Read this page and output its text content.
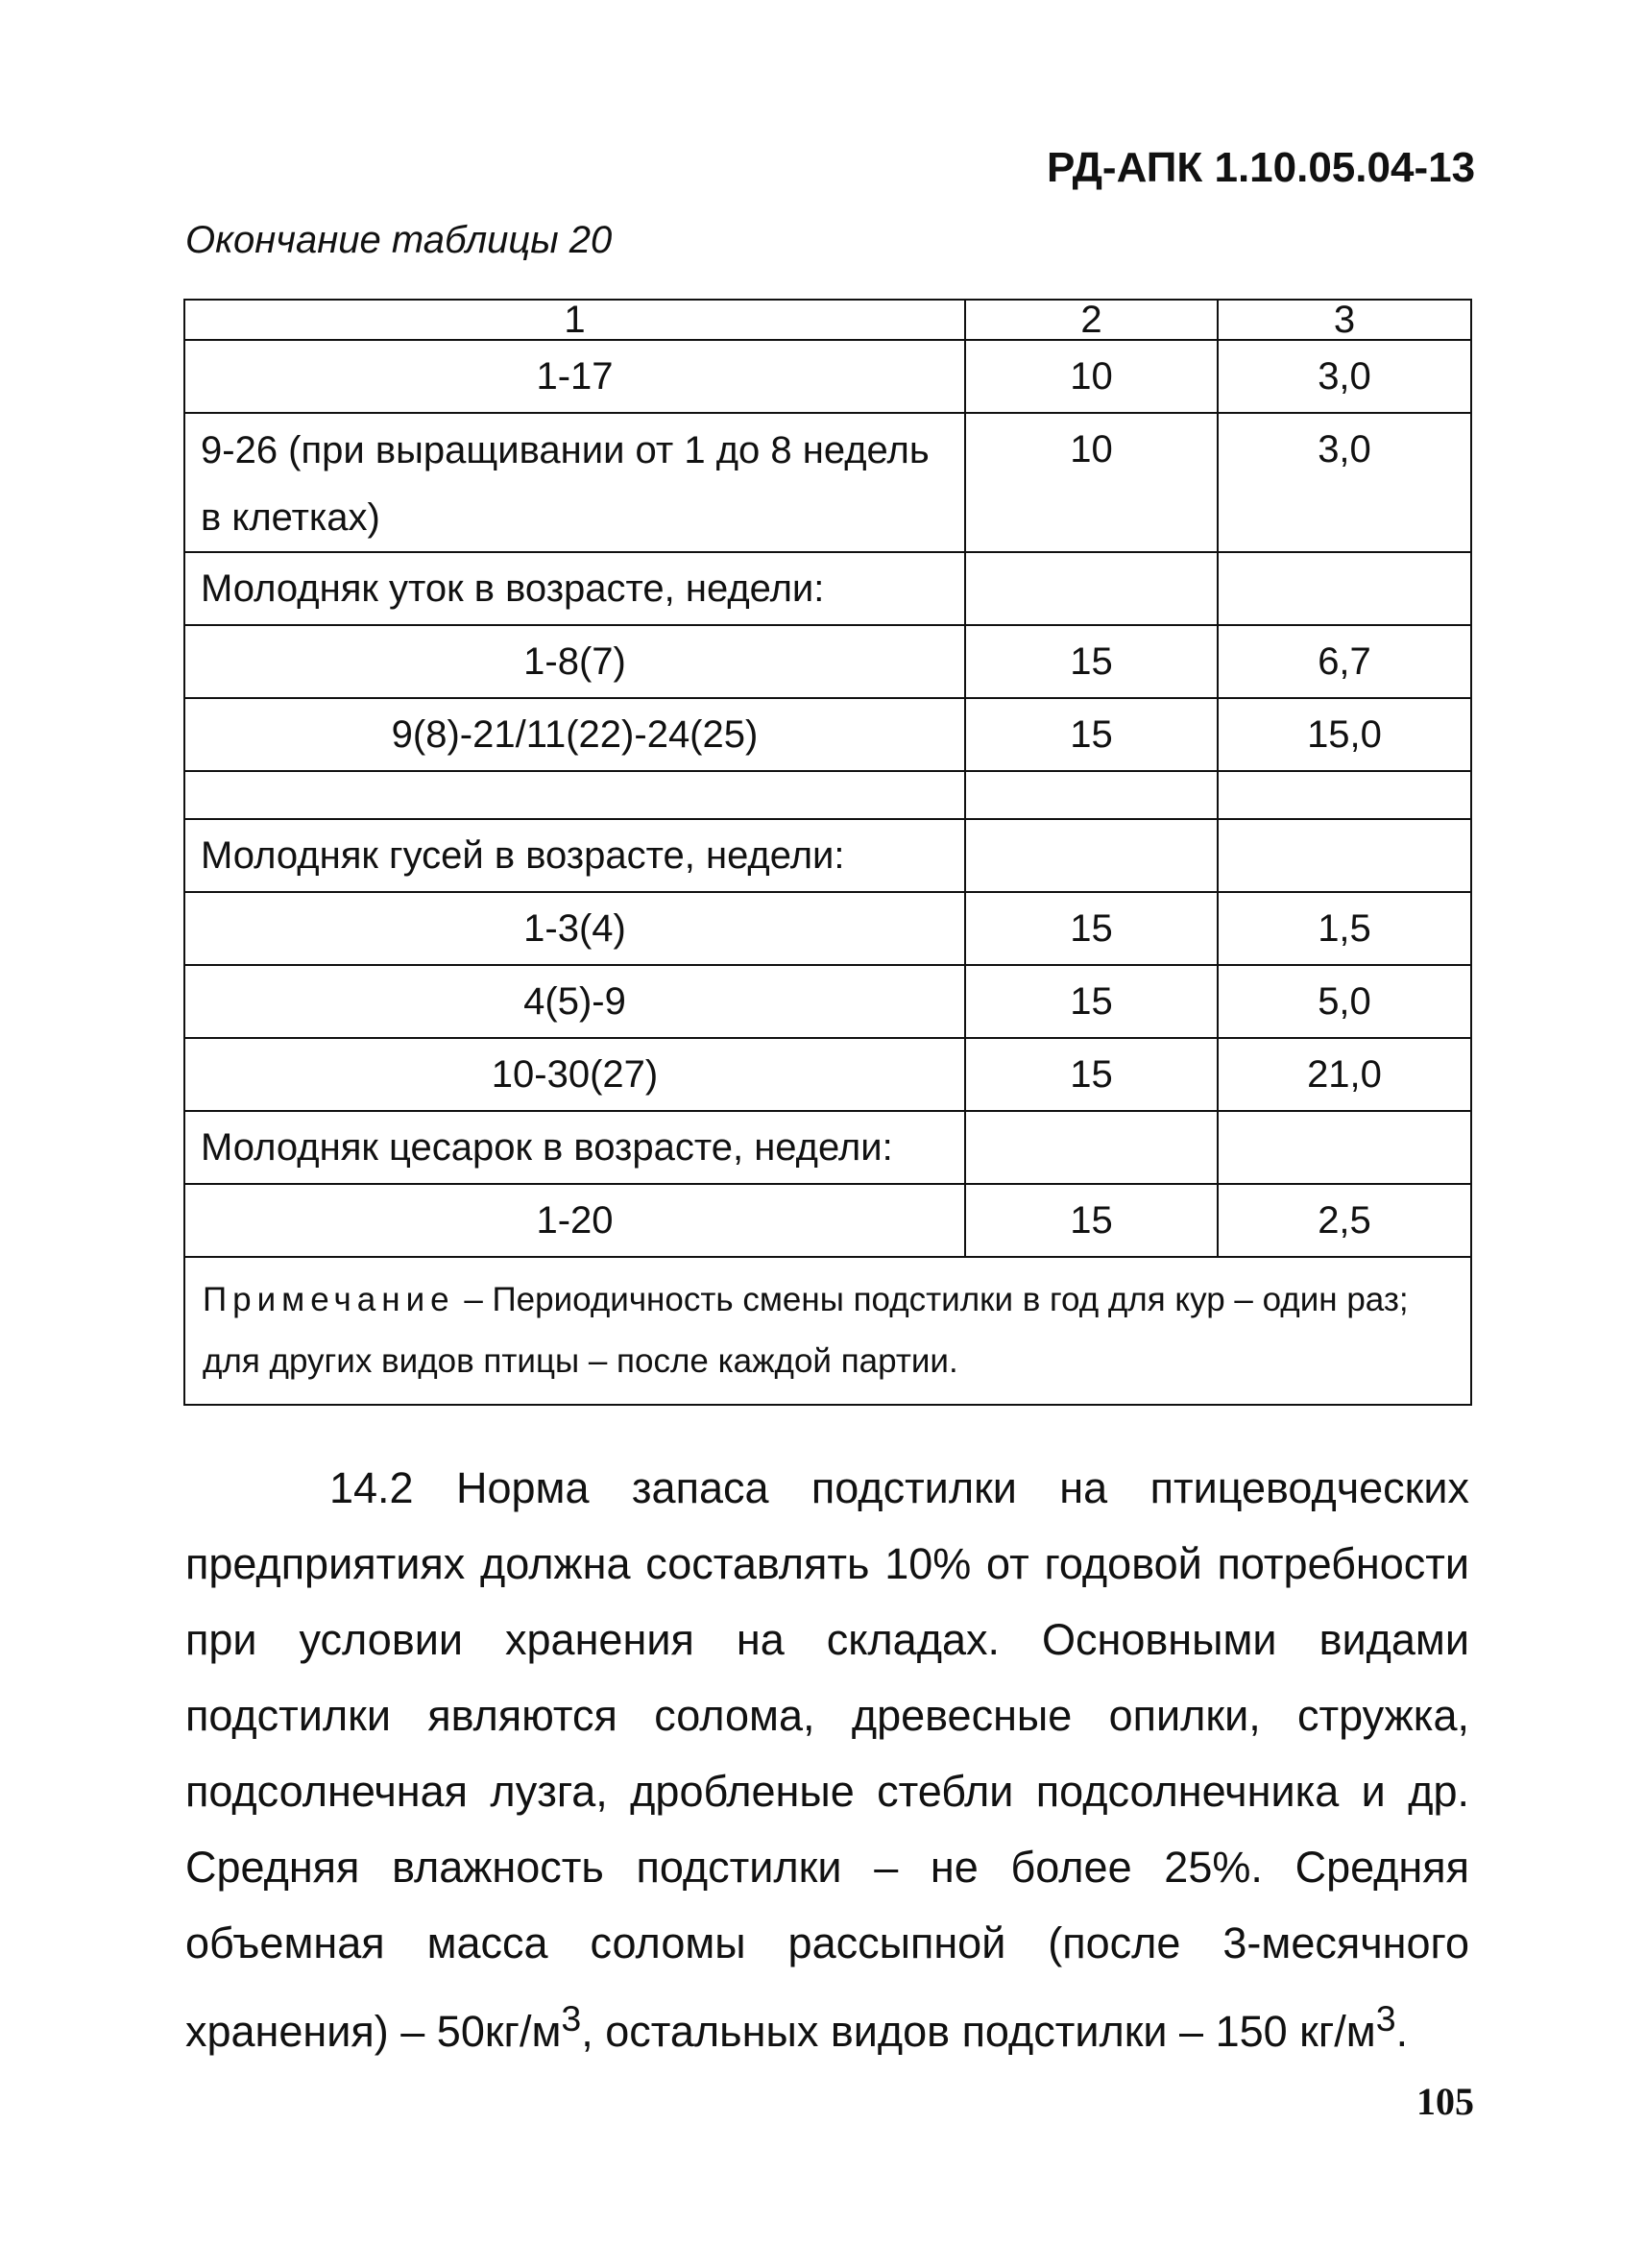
РД-АПК 1.10.05.04-13
Окончание таблицы 20
1	2	3
1-17	10	3,0
9-26 (при выращивании от 1 до 8 недель в клетках)	10	3,0
Молодняк уток в возрасте, недели:		
1-8(7)	15	6,7
9(8)-21/11(22)-24(25)	15	15,0

Молодняк гусей в возрасте, недели:		
1-3(4)	15	1,5
4(5)-9	15	5,0
10-30(27)	15	21,0
Молодняк цесарок в возрасте, недели:		
1-20	15	2,5
Примечание – Периодичность смены подстилки в год для кур – один раз; для других видов птицы – после каждой партии.		

14.2 Норма запаса подстилки на птицеводческих предприятиях должна составлять 10% от годовой потребности при условии хранения на складах. Основными видами подстилки являются солома, древесные опилки, стружка, подсолнечная лузга, дробленые стебли подсолнечника и др. Средняя влажность подстилки – не более 25%. Средняя объемная масса соломы рассыпной (после 3-месячного хранения) – $50кг/м^3$, остальных видов подстилки – 150 $кг/м^3$.

105
